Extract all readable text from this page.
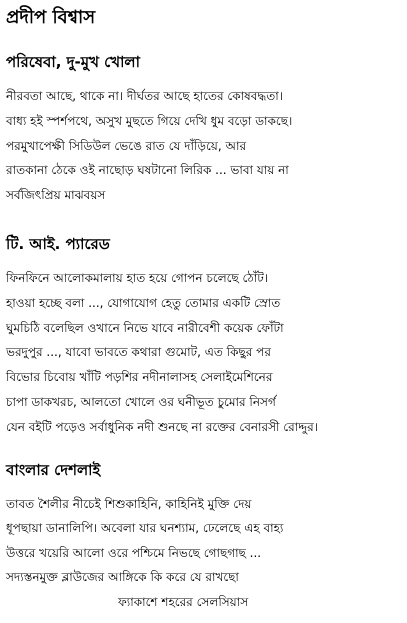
প্রদীপ বিশ্বাস
পরিষেবা, দু-মুখ খোলা
নীরবতা আছে, থাকে না। দীর্ঘতর আছে হাতের কোষবদ্ধতা।
বাধ্য হই স্পর্শপথে, অসুখ মুছতে গিয়ে দেখি ধুম বড়ো ডাকছে।
পরমুখাপেক্ষী সিডিউল ভেঙে রাত যে দাঁড়িয়ে, আর
রাতকানা ঠেকে ওই নাছোড় ঘষটানো লিরিক ... ভাবা যায় না
সর্বজিৎপ্রিয় মাঝবয়স
টি. আই. প্যারেড
ফিনফিনে আলোকমালায় হাত হয়ে গোপন চলেছে ঠোঁট।
হাওয়া হচ্ছে বলা ..., যোগাযোগ হেতু তোমার একটি স্রোত
ঘুমচিঠি বলেছিল ওখানে নিভে যাবে নারীবেশী কয়েক ফোঁটা
ভরদুপুর ..., যাবো ভাবতে কথারা গুমোট, এত কিছুর পর
বিভোর চিবোয় খাঁটি পড়শির নদীনালাসহ সেলাইমেশিনের
চাপা ডাকখরচ, আলতো খোলে ওর ঘনীভূত চুমোর নিসর্গ
যেন বইটি পড়েও সর্বাধুনিক নদী শুনছে না রক্তের বেনারসী রোদ্দুর।
বাংলার দেশলাই
তাবত শৈলীর নীচেই শিশুকাহিনি, কাহিনিই মুক্তি দেয়
ধূপছায়া ডানালিপি। অবেলা যার ঘনশ্যাম, ঢেলেছে এহ বাহ্য
উত্তরে খয়েরি আলো ওরে পশ্চিমে নিভছে গোছগাছ ...
সদ্যস্তনমুক্ত ব্লাউজের আঙ্গিকে কি করে যে রাখছো
ফ্যাকাশে শহরের সেলসিয়াস
